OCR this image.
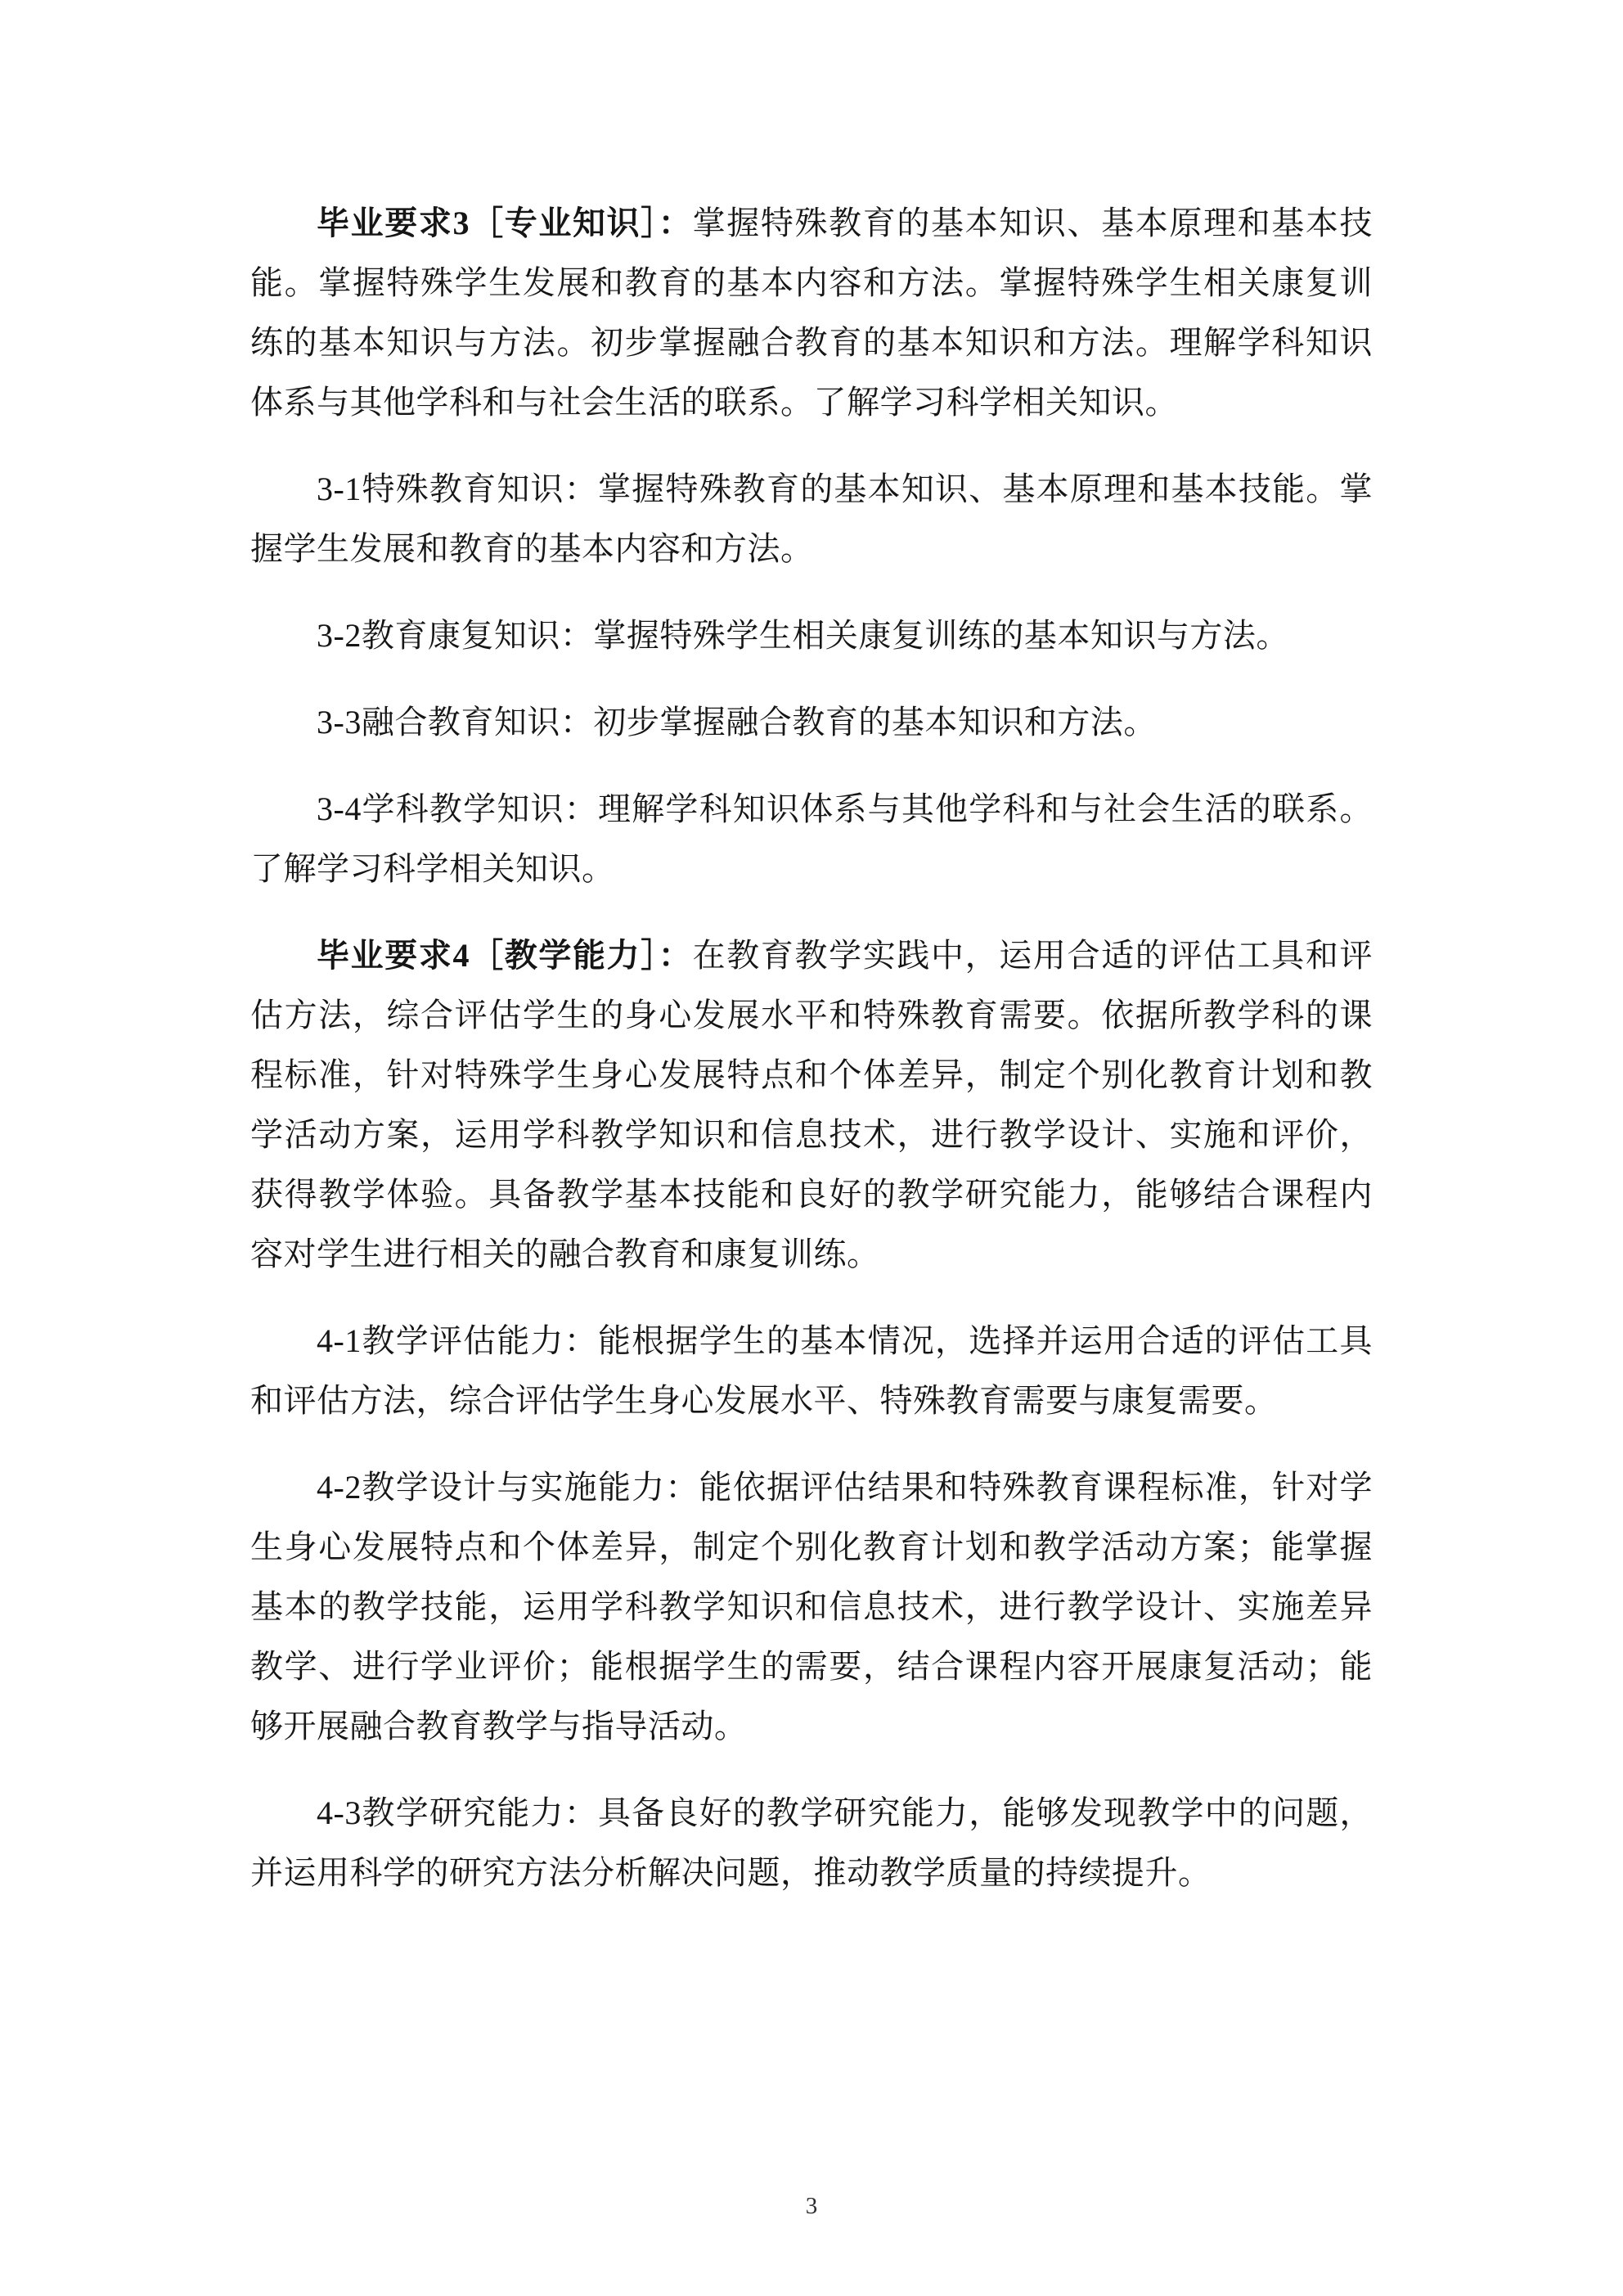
毕业要求3［专业知识］：掌握特殊教育的基本知识、基本原理和基本技能。掌握特殊学生发展和教育的基本内容和方法。掌握特殊学生相关康复训练的基本知识与方法。初步掌握融合教育的基本知识和方法。理解学科知识体系与其他学科和与社会生活的联系。了解学习科学相关知识。

3-1特殊教育知识：掌握特殊教育的基本知识、基本原理和基本技能。掌握学生发展和教育的基本内容和方法。

3-2教育康复知识：掌握特殊学生相关康复训练的基本知识与方法。

3-3融合教育知识：初步掌握融合教育的基本知识和方法。

3-4学科教学知识：理解学科知识体系与其他学科和与社会生活的联系。了解学习科学相关知识。

毕业要求4［教学能力］：在教育教学实践中，运用合适的评估工具和评估方法，综合评估学生的身心发展水平和特殊教育需要。依据所教学科的课程标准，针对特殊学生身心发展特点和个体差异，制定个别化教育计划和教学活动方案，运用学科教学知识和信息技术，进行教学设计、实施和评价，获得教学体验。具备教学基本技能和良好的教学研究能力，能够结合课程内容对学生进行相关的融合教育和康复训练。

4-1教学评估能力：能根据学生的基本情况，选择并运用合适的评估工具和评估方法，综合评估学生身心发展水平、特殊教育需要与康复需要。

4-2教学设计与实施能力：能依据评估结果和特殊教育课程标准，针对学生身心发展特点和个体差异，制定个别化教育计划和教学活动方案；能掌握基本的教学技能，运用学科教学知识和信息技术，进行教学设计、实施差异教学、进行学业评价；能根据学生的需要，结合课程内容开展康复活动；能够开展融合教育教学与指导活动。

4-3教学研究能力：具备良好的教学研究能力，能够发现教学中的问题，并运用科学的研究方法分析解决问题，推动教学质量的持续提升。

3
